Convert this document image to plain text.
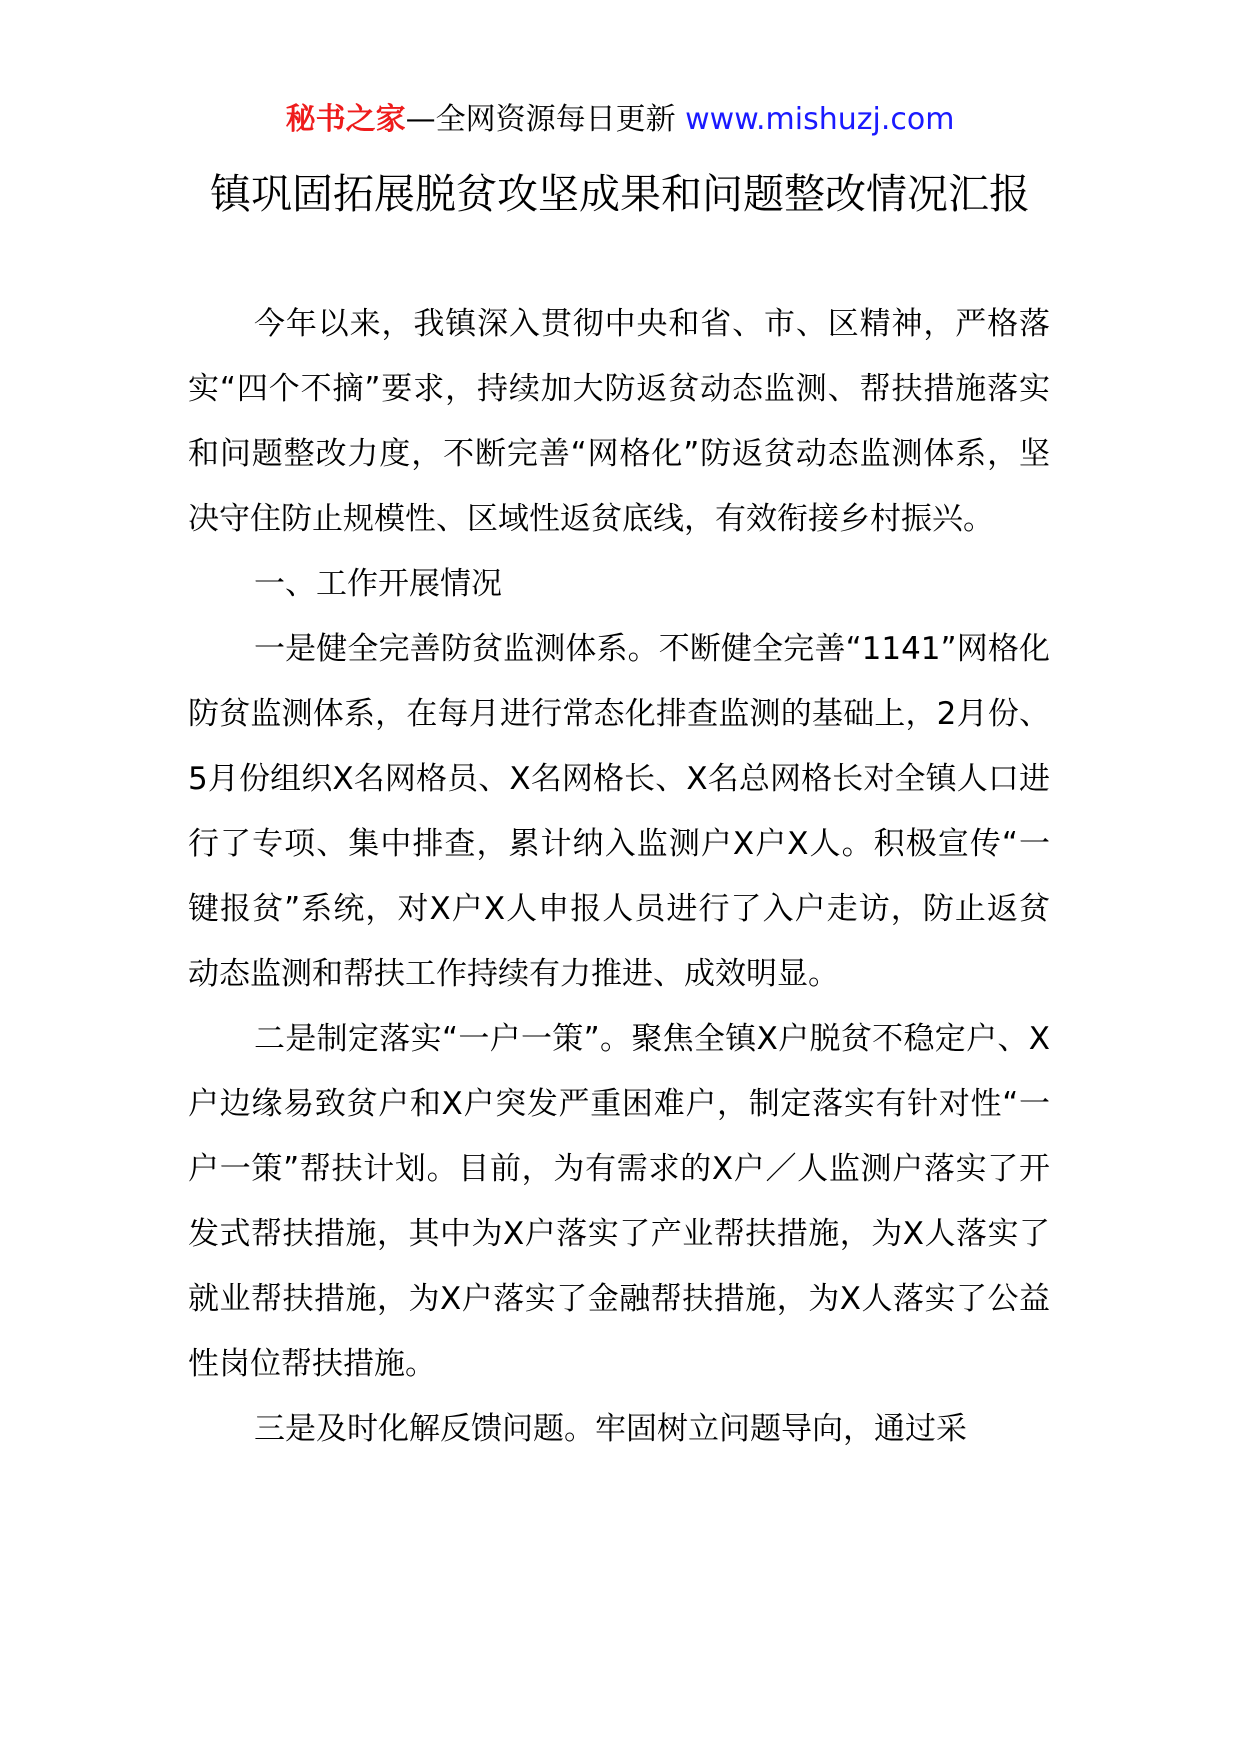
秘书之家—全网资源每日更新 www.mishuzj.com
镇巩固拓展脱贫攻坚成果和问题整改情况汇报

今年以来，我镇深入贯彻中央和省、市、区精神，严格落实“四个不摘”要求，持续加大防返贫动态监测、帮扶措施落实和问题整改力度，不断完善“网格化”防返贫动态监测体系，坚决守住防止规模性、区域性返贫底线，有效衔接乡村振兴。

一、工作开展情况

一是健全完善防贫监测体系。不断健全完善“1141”网格化防贫监测体系，在每月进行常态化排查监测的基础上，2月份、5月份组织X名网格员、X名网格长、X名总网格长对全镇人口进行了专项、集中排查，累计纳入监测户X户X人。积极宣传“一键报贫”系统，对X户X人申报人员进行了入户走访，防止返贫动态监测和帮扶工作持续有力推进、成效明显。

二是制定落实“一户一策”。聚焦全镇X户脱贫不稳定户、X户边缘易致贫户和X户突发严重困难户，制定落实有针对性“一户一策”帮扶计划。目前，为有需求的X户／人监测户落实了开发式帮扶措施，其中为X户落实了产业帮扶措施，为X人落实了就业帮扶措施，为X户落实了金融帮扶措施，为X人落实了公益性岗位帮扶措施。

三是及时化解反馈问题。牢固树立问题导向，通过采
